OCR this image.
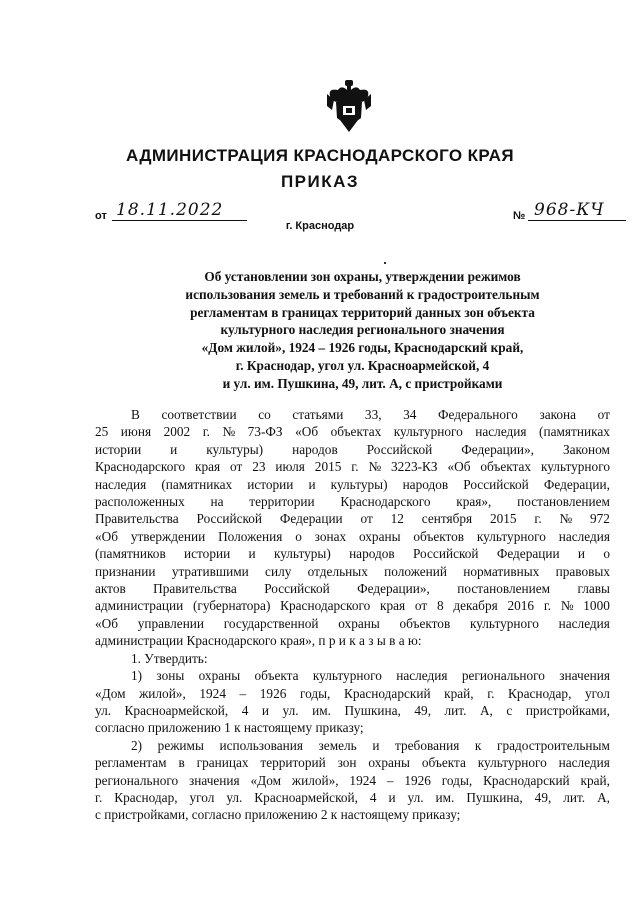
АДМИНИСТРАЦИЯ КРАСНОДАРСКОГО КРАЯ
ПРИКАЗ
от 18.11.2022
г. Краснодар
№ 968-КЧ
Об установлении зон охраны, утверждении режимов
использования земель и требований к градостроительным
регламентам в границах территорий данных зон объекта
культурного наследия регионального значения
«Дом жилой», 1924 – 1926 годы, Краснодарский край,
г. Краснодар, угол ул. Красноармейской, 4
и ул. им. Пушкина, 49, лит. А, с пристройками
В соответствии со статьями 33, 34 Федерального закона от
25 июня 2002 г. № 73-ФЗ «Об объектах культурного наследия (памятниках
истории и культуры) народов Российской Федерации», Законом
Краснодарского края от 23 июля 2015 г. № 3223-КЗ «Об объектах культурного
наследия (памятниках истории и культуры) народов Российской Федерации,
расположенных на территории Краснодарского края», постановлением
Правительства Российской Федерации от 12 сентября 2015 г. № 972
«Об утверждении Положения о зонах охраны объектов культурного наследия
(памятников истории и культуры) народов Российской Федерации и о
признании утратившими силу отдельных положений нормативных правовых
актов Правительства Российской Федерации», постановлением главы
администрации (губернатора) Краснодарского края от 8 декабря 2016 г. № 1000
«Об управлении государственной охраны объектов культурного наследия
администрации Краснодарского края», п р и к а з ы в а ю:
1. Утвердить:
1) зоны охраны объекта культурного наследия регионального значения
«Дом жилой», 1924 – 1926 годы, Краснодарский край, г. Краснодар, угол
ул. Красноармейской, 4 и ул. им. Пушкина, 49, лит. А, с пристройками,
согласно приложению 1 к настоящему приказу;
2) режимы использования земель и требования к градостроительным
регламентам в границах территорий зон охраны объекта культурного наследия
регионального значения «Дом жилой», 1924 – 1926 годы, Краснодарский край,
г. Краснодар, угол ул. Красноармейской, 4 и ул. им. Пушкина, 49, лит. А,
с пристройками, согласно приложению 2 к настоящему приказу;
